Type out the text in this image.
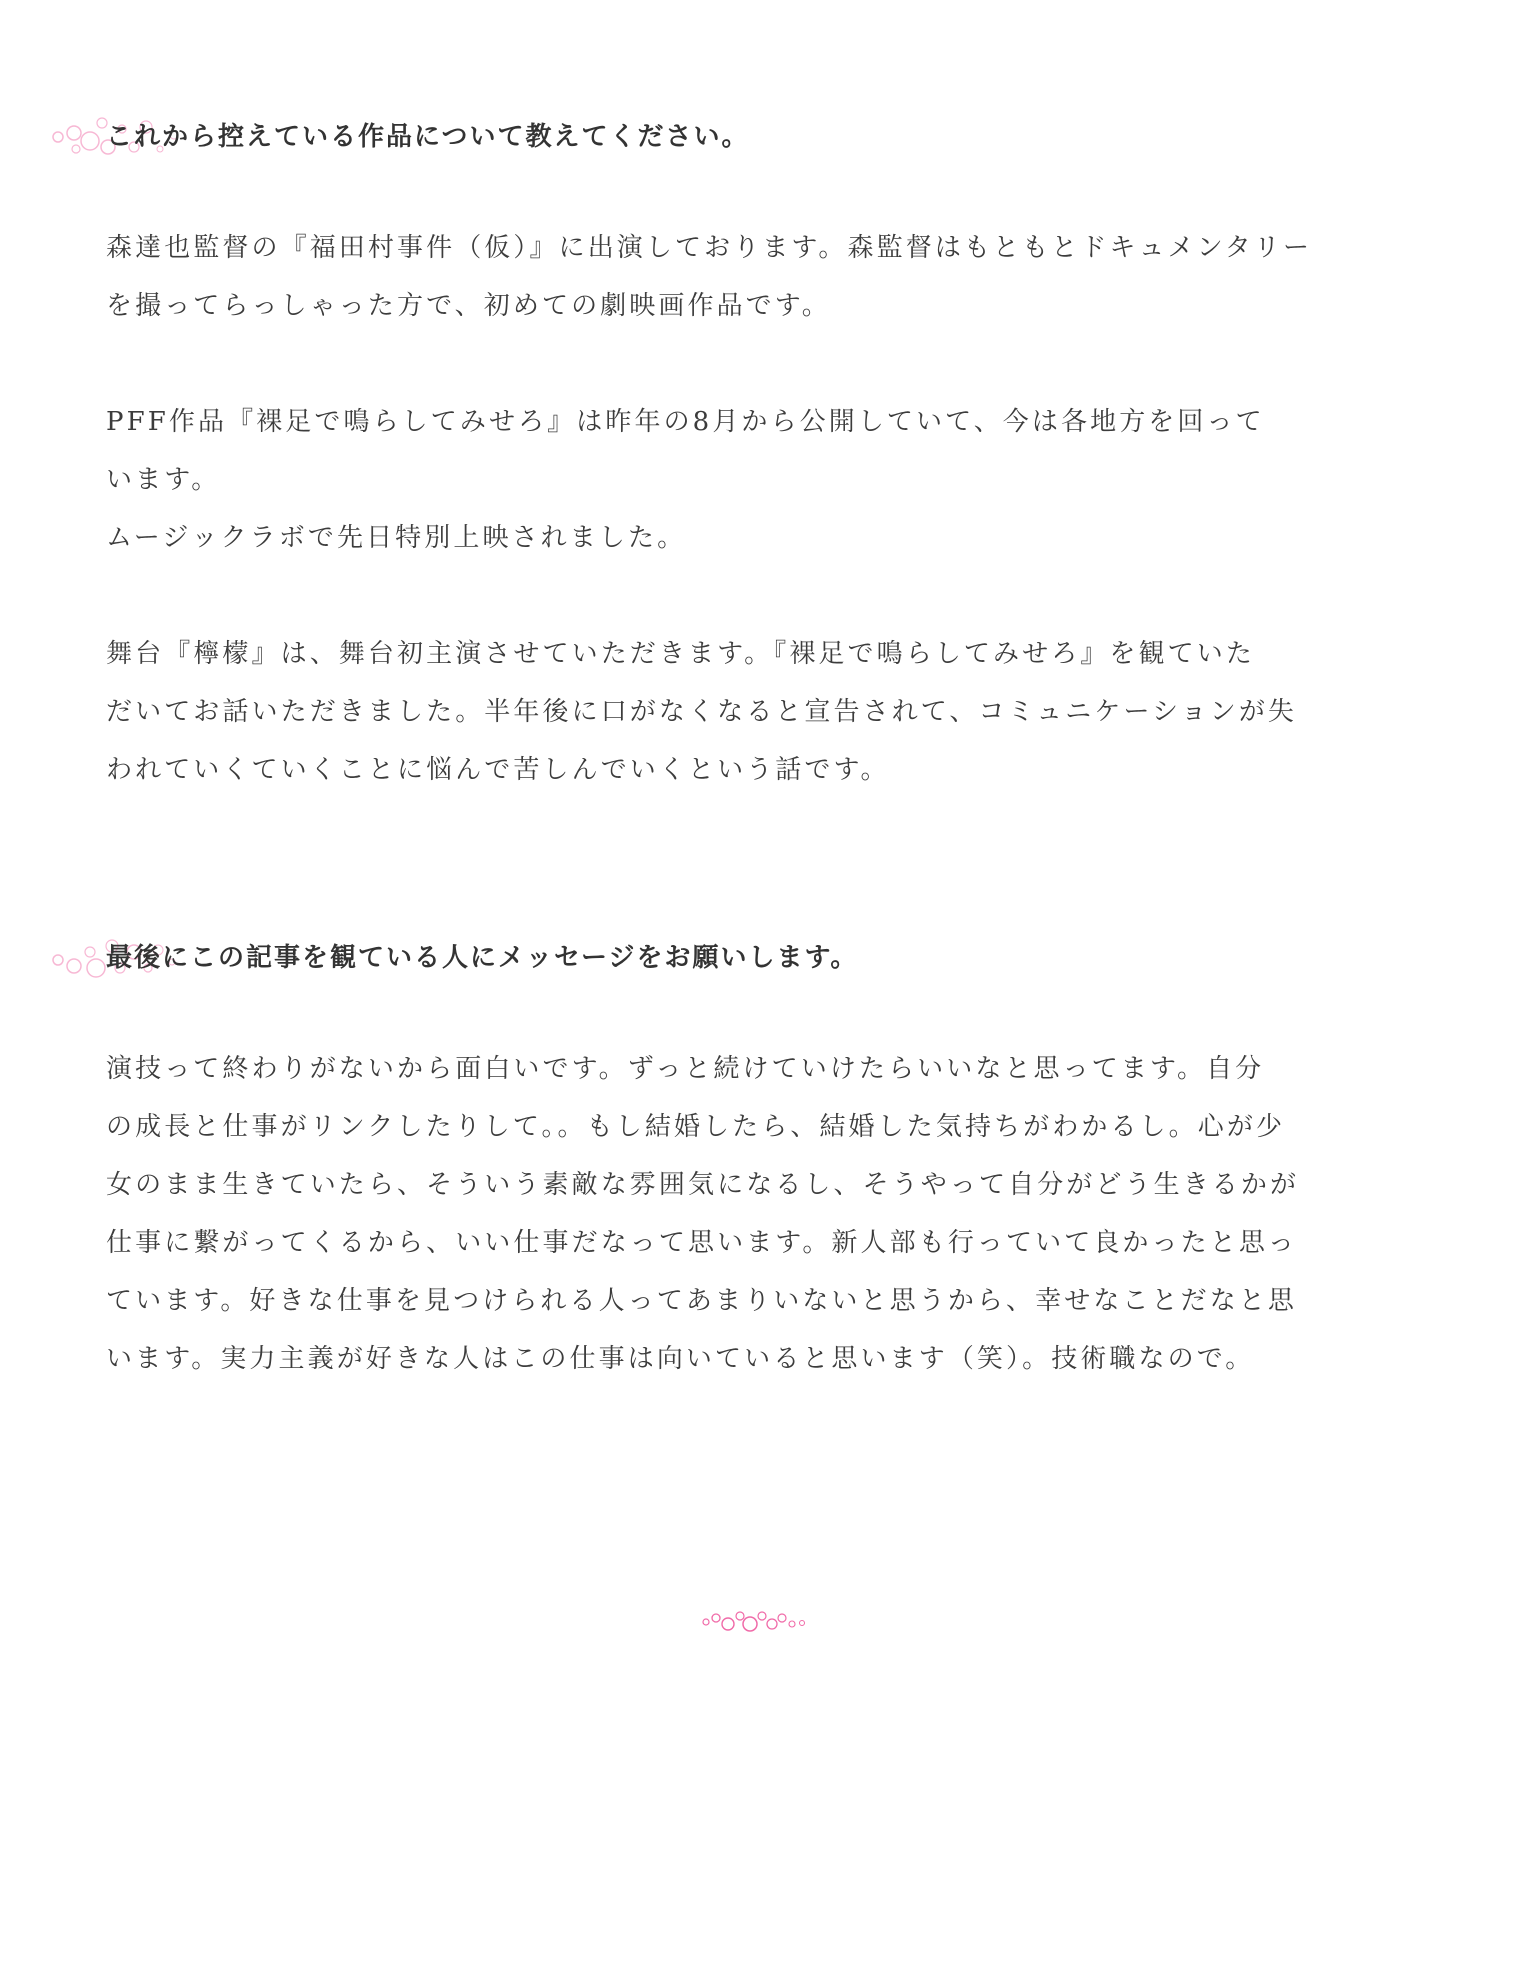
これから控えている作品について教えてください。

森達也監督の『福田村事件（仮）』に出演しております。森監督はもともとドキュメンタリー
を撮ってらっしゃった方で、初めての劇映画作品です。
PFF作品『裸足で鳴らしてみせろ』は昨年の8月から公開していて、今は各地方を回って
います。
ムージックラボで先日特別上映されました。
舞台『檸檬』は、舞台初主演させていただきます。『裸足で鳴らしてみせろ』を観ていた
だいてお話いただきました。半年後に口がなくなると宣告されて、コミュニケーションが失
われていくていくことに悩んで苦しんでいくという話です。

最後にこの記事を観ている人にメッセージをお願いします。

演技って終わりがないから面白いです。ずっと続けていけたらいいなと思ってます。自分
の成長と仕事がリンクしたりして。。もし結婚したら、結婚した気持ちがわかるし。心が少
女のまま生きていたら、そういう素敵な雰囲気になるし、そうやって自分がどう生きるかが
仕事に繋がってくるから、いい仕事だなって思います。新人部も行っていて良かったと思っ
ています。好きな仕事を見つけられる人ってあまりいないと思うから、幸せなことだなと思
います。実力主義が好きな人はこの仕事は向いていると思います（笑）。技術職なので。
